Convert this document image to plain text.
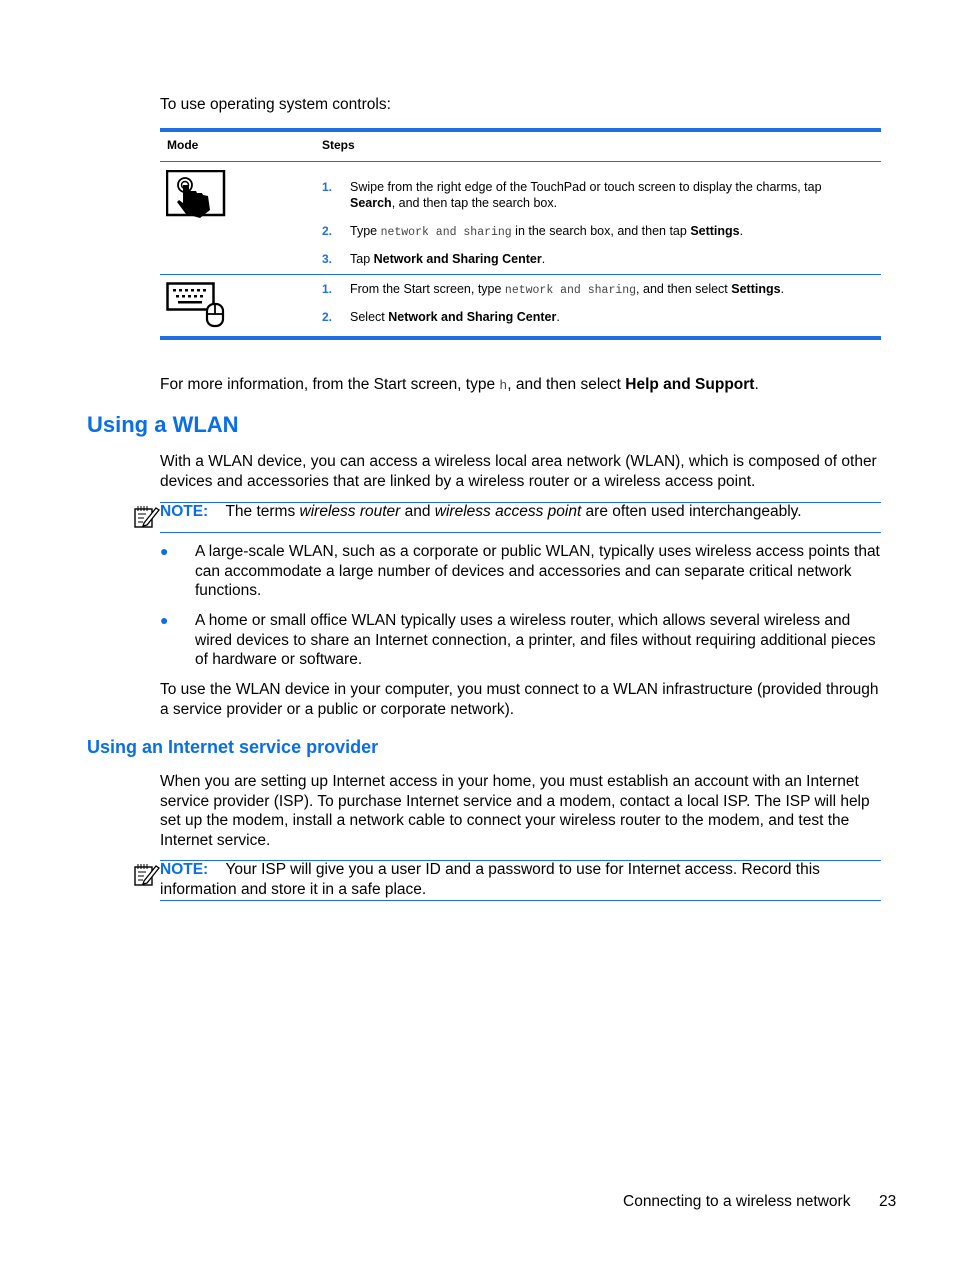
To use operating system controls:
Mode	Steps
1. Swipe from the right edge of the TouchPad or touch screen to display the charms, tap Search, and then tap the search box.
2. Type network and sharing in the search box, and then tap Settings.
3. Tap Network and Sharing Center.
1. From the Start screen, type network and sharing, and then select Settings.
2. Select Network and Sharing Center.
For more information, from the Start screen, type h, and then select Help and Support.
Using a WLAN
With a WLAN device, you can access a wireless local area network (WLAN), which is composed of other devices and accessories that are linked by a wireless router or a wireless access point.
NOTE: The terms wireless router and wireless access point are often used interchangeably.
● A large-scale WLAN, such as a corporate or public WLAN, typically uses wireless access points that can accommodate a large number of devices and accessories and can separate critical network functions.
● A home or small office WLAN typically uses a wireless router, which allows several wireless and wired devices to share an Internet connection, a printer, and files without requiring additional pieces of hardware or software.
To use the WLAN device in your computer, you must connect to a WLAN infrastructure (provided through a service provider or a public or corporate network).
Using an Internet service provider
When you are setting up Internet access in your home, you must establish an account with an Internet service provider (ISP). To purchase Internet service and a modem, contact a local ISP. The ISP will help set up the modem, install a network cable to connect your wireless router to the modem, and test the Internet service.
NOTE: Your ISP will give you a user ID and a password to use for Internet access. Record this information and store it in a safe place.
Connecting to a wireless network 23
